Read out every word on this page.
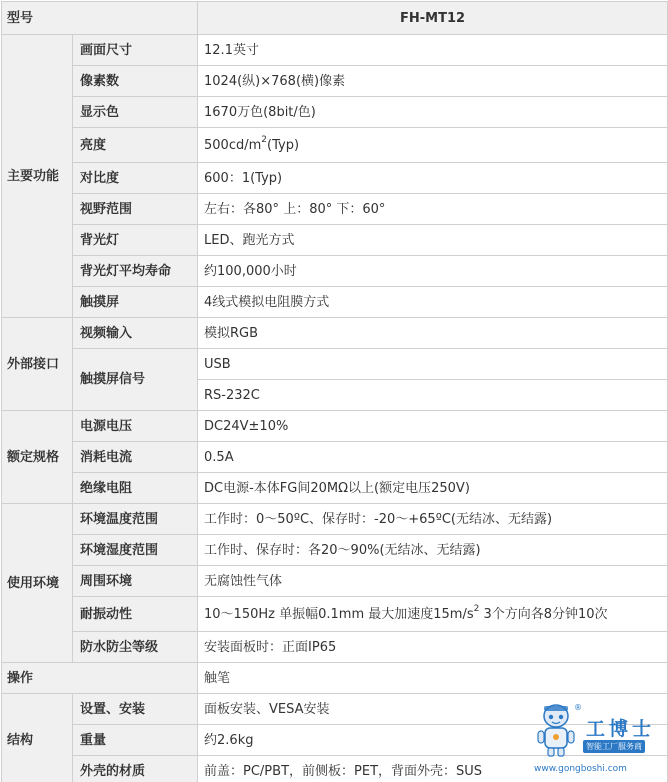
型号		FH-MT12
主要功能	画面尺寸	12.1英寸
	像素数	1024(纵)×768(横)像素
	显示色	1670万色(8bit/色)
	亮度	$500cd/m^2(Typ)$
	对比度	600：1(Typ)
	视野范围	左右：各80° 上：80° 下：60°
	背光灯	LED、跑光方式
	背光灯平均寿命	约100,000小时
	触摸屏	4线式模拟电阻膜方式
外部接口	视频输入	模拟RGB
	触摸屏信号	USB
		RS-232C
额定规格	电源电压	DC24V±10%
	消耗电流	0.5A
	绝缘电阻	DC电源-本体FG间20MΩ以上(额定电压250V)
使用环境	环境温度范围	工作时：0～50ºC、保存时：-20～+65ºC(无结冰、无结露)
	环境湿度范围	工作时、保存时：各20～90%(无结冰、无结露)
	周围环境	无腐蚀性气体
	耐振动性	10～150Hz 单振幅0.1mm 最大加速度$15m/s^2$ 3个方向各8分钟10次
	防水防尘等级	安装面板时：正面IP65
操作		触笔
结构	设置、安装	面板安装、VESA安装
	重量	约2.6kg
	外壳的材质	前盖：PC/PBT，前侧板：PET，背面外壳：SUS
®
工博士
智能工厂服务商
www.gongboshi.com
